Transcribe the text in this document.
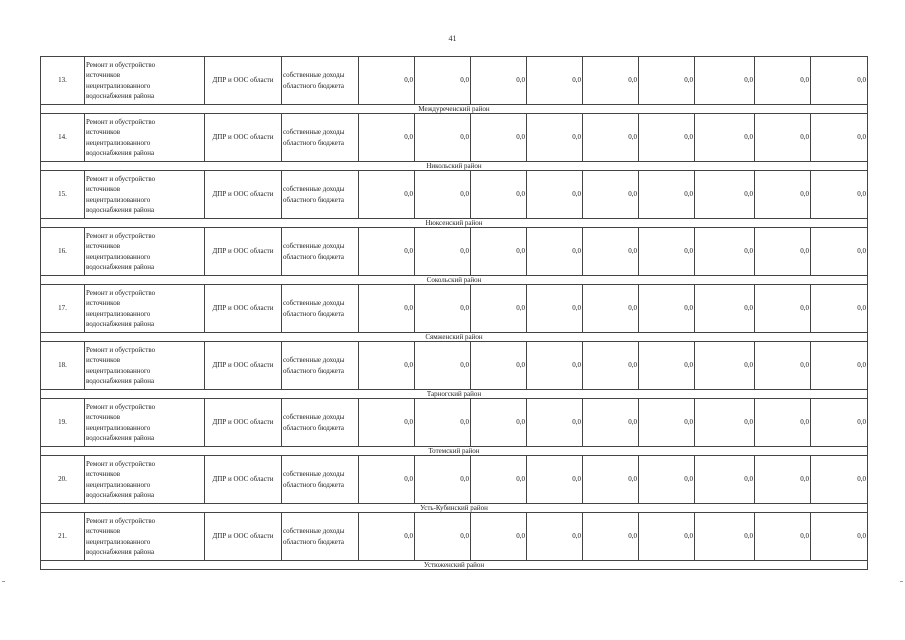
41
13.	Ремонт и обустройство
источников
нецентрализованного
водоснабжения района	ДПР и ООС области	собственные доходы областного бюджета	0,0	0,0	0,0	0,0	0,0	0,0	0,0	0,0	0,0
Междуреченский район												
14.	Ремонт и обустройство
источников
нецентрализованного
водоснабжения района	ДПР и ООС области	собственные доходы областного бюджета	0,0	0,0	0,0	0,0	0,0	0,0	0,0	0,0	0,0
Никольский район												
15.	Ремонт и обустройство
источников
нецентрализованного
водоснабжения района	ДПР и ООС области	собственные доходы областного бюджета	0,0	0,0	0,0	0,0	0,0	0,0	0,0	0,0	0,0
Нюксенский район												
16.	Ремонт и обустройство
источников
нецентрализованного
водоснабжения района	ДПР и ООС области	собственные доходы областного бюджета	0,0	0,0	0,0	0,0	0,0	0,0	0,0	0,0	0,0
Сокольский район												
17.	Ремонт и обустройство
источников
нецентрализованного
водоснабжения района	ДПР и ООС области	собственные доходы областного бюджета	0,0	0,0	0,0	0,0	0,0	0,0	0,0	0,0	0,0
Сямженский район												
18.	Ремонт и обустройство
источников
нецентрализованного
водоснабжения района	ДПР и ООС области	собственные доходы областного бюджета	0,0	0,0	0,0	0,0	0,0	0,0	0,0	0,0	0,0
Тарногский район												
19.	Ремонт и обустройство
источников
нецентрализованного
водоснабжения района	ДПР и ООС области	собственные доходы областного бюджета	0,0	0,0	0,0	0,0	0,0	0,0	0,0	0,0	0,0
Тотемский район												
20.	Ремонт и обустройство
источников
нецентрализованного
водоснабжения района	ДПР и ООС области	собственные доходы областного бюджета	0,0	0,0	0,0	0,0	0,0	0,0	0,0	0,0	0,0
Усть-Кубинский район												
21.	Ремонт и обустройство
источников
нецентрализованного
водоснабжения района	ДПР и ООС области	собственные доходы областного бюджета	0,0	0,0	0,0	0,0	0,0	0,0	0,0	0,0	0,0
Устюженский район												
